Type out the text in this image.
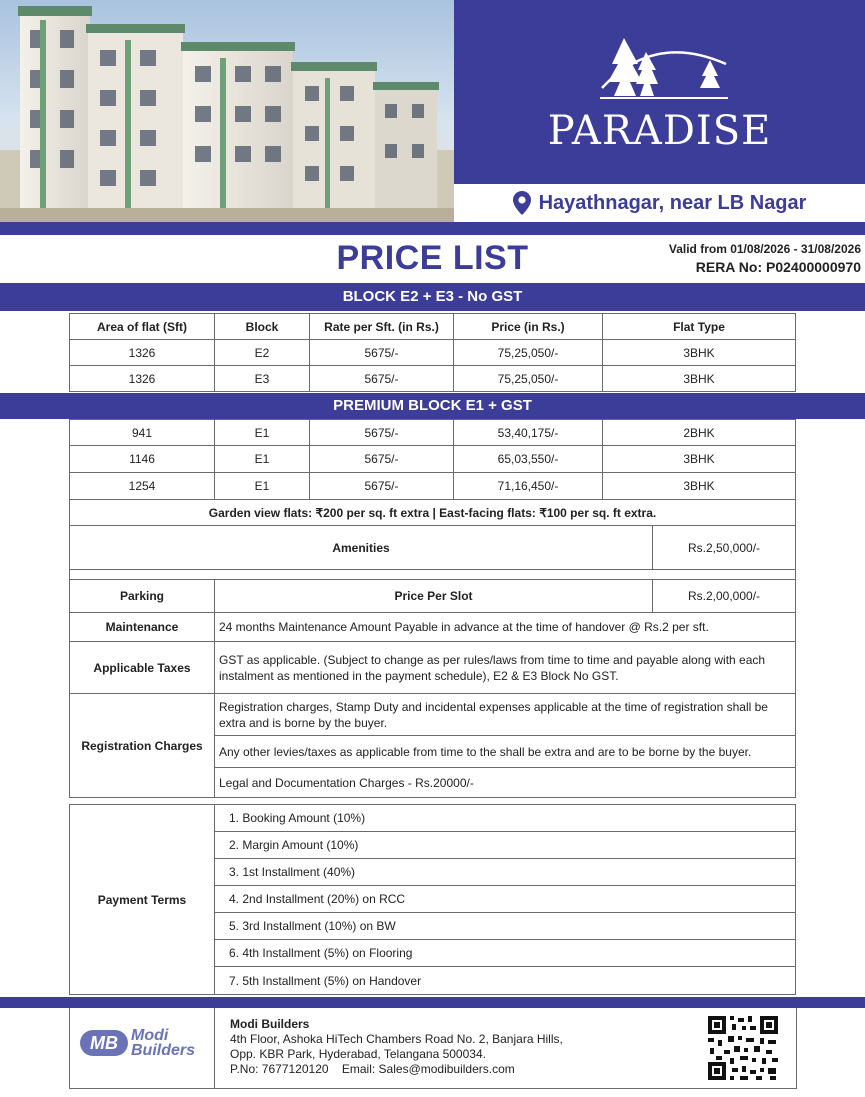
PARADISE
Hayathnagar, near LB Nagar
PRICE LIST	Valid from 01/08/2026 - 31/08/2026
RERA No: P02400000970
BLOCK E2 + E3 - No GST
Area of flat (Sft)	Block	Rate per Sft. (in Rs.)	Price (in Rs.)	Flat Type
1326	E2	5675/-	75,25,050/-	3BHK
1326	E3	5675/-	75,25,050/-	3BHK
PREMIUM BLOCK E1 + GST
941	E1	5675/-	53,40,175/-	2BHK
1146	E1	5675/-	65,03,550/-	3BHK
1254	E1	5675/-	71,16,450/-	3BHK
Garden view flats: ₹200 per sq. ft extra | East-facing flats: ₹100 per sq. ft extra.				
Amenities		Rs.2,50,000/-

Parking	Price Per Slot	Rs.2,00,000/-
Maintenance	24 months Maintenance Amount Payable in advance at the time of handover @ Rs.2 per sft.	
Applicable Taxes	GST as applicable. (Subject to change as per rules/laws from time to time and payable along with each instalment as mentioned in the payment schedule), E2 & E3 Block No GST.	
Registration Charges	Registration charges, Stamp Duty and incidental expenses applicable at the time of registration shall be extra and is borne by the buyer.	
	Any other levies/taxes as applicable from time to the shall be extra and are to be borne by the buyer.	
	Legal and Documentation Charges - Rs.20000/-	
Payment Terms	1. Booking Amount (10%)
2. Margin Amount (10%)
3. 1st Installment (40%)
4. 2nd Installment (20%) on RCC
5. 3rd Installment (10%) on BW
6. 4th Installment (5%) on Flooring
7. 5th Installment (5%) on Handover
MB Modi
Builders
Modi Builders
4th Floor, Ashoka HiTech Chambers Road No. 2, Banjara Hills,
Opp. KBR Park, Hyderabad, Telangana 500034.
P.No: 7677120120    Email: Sales@modibuilders.com
